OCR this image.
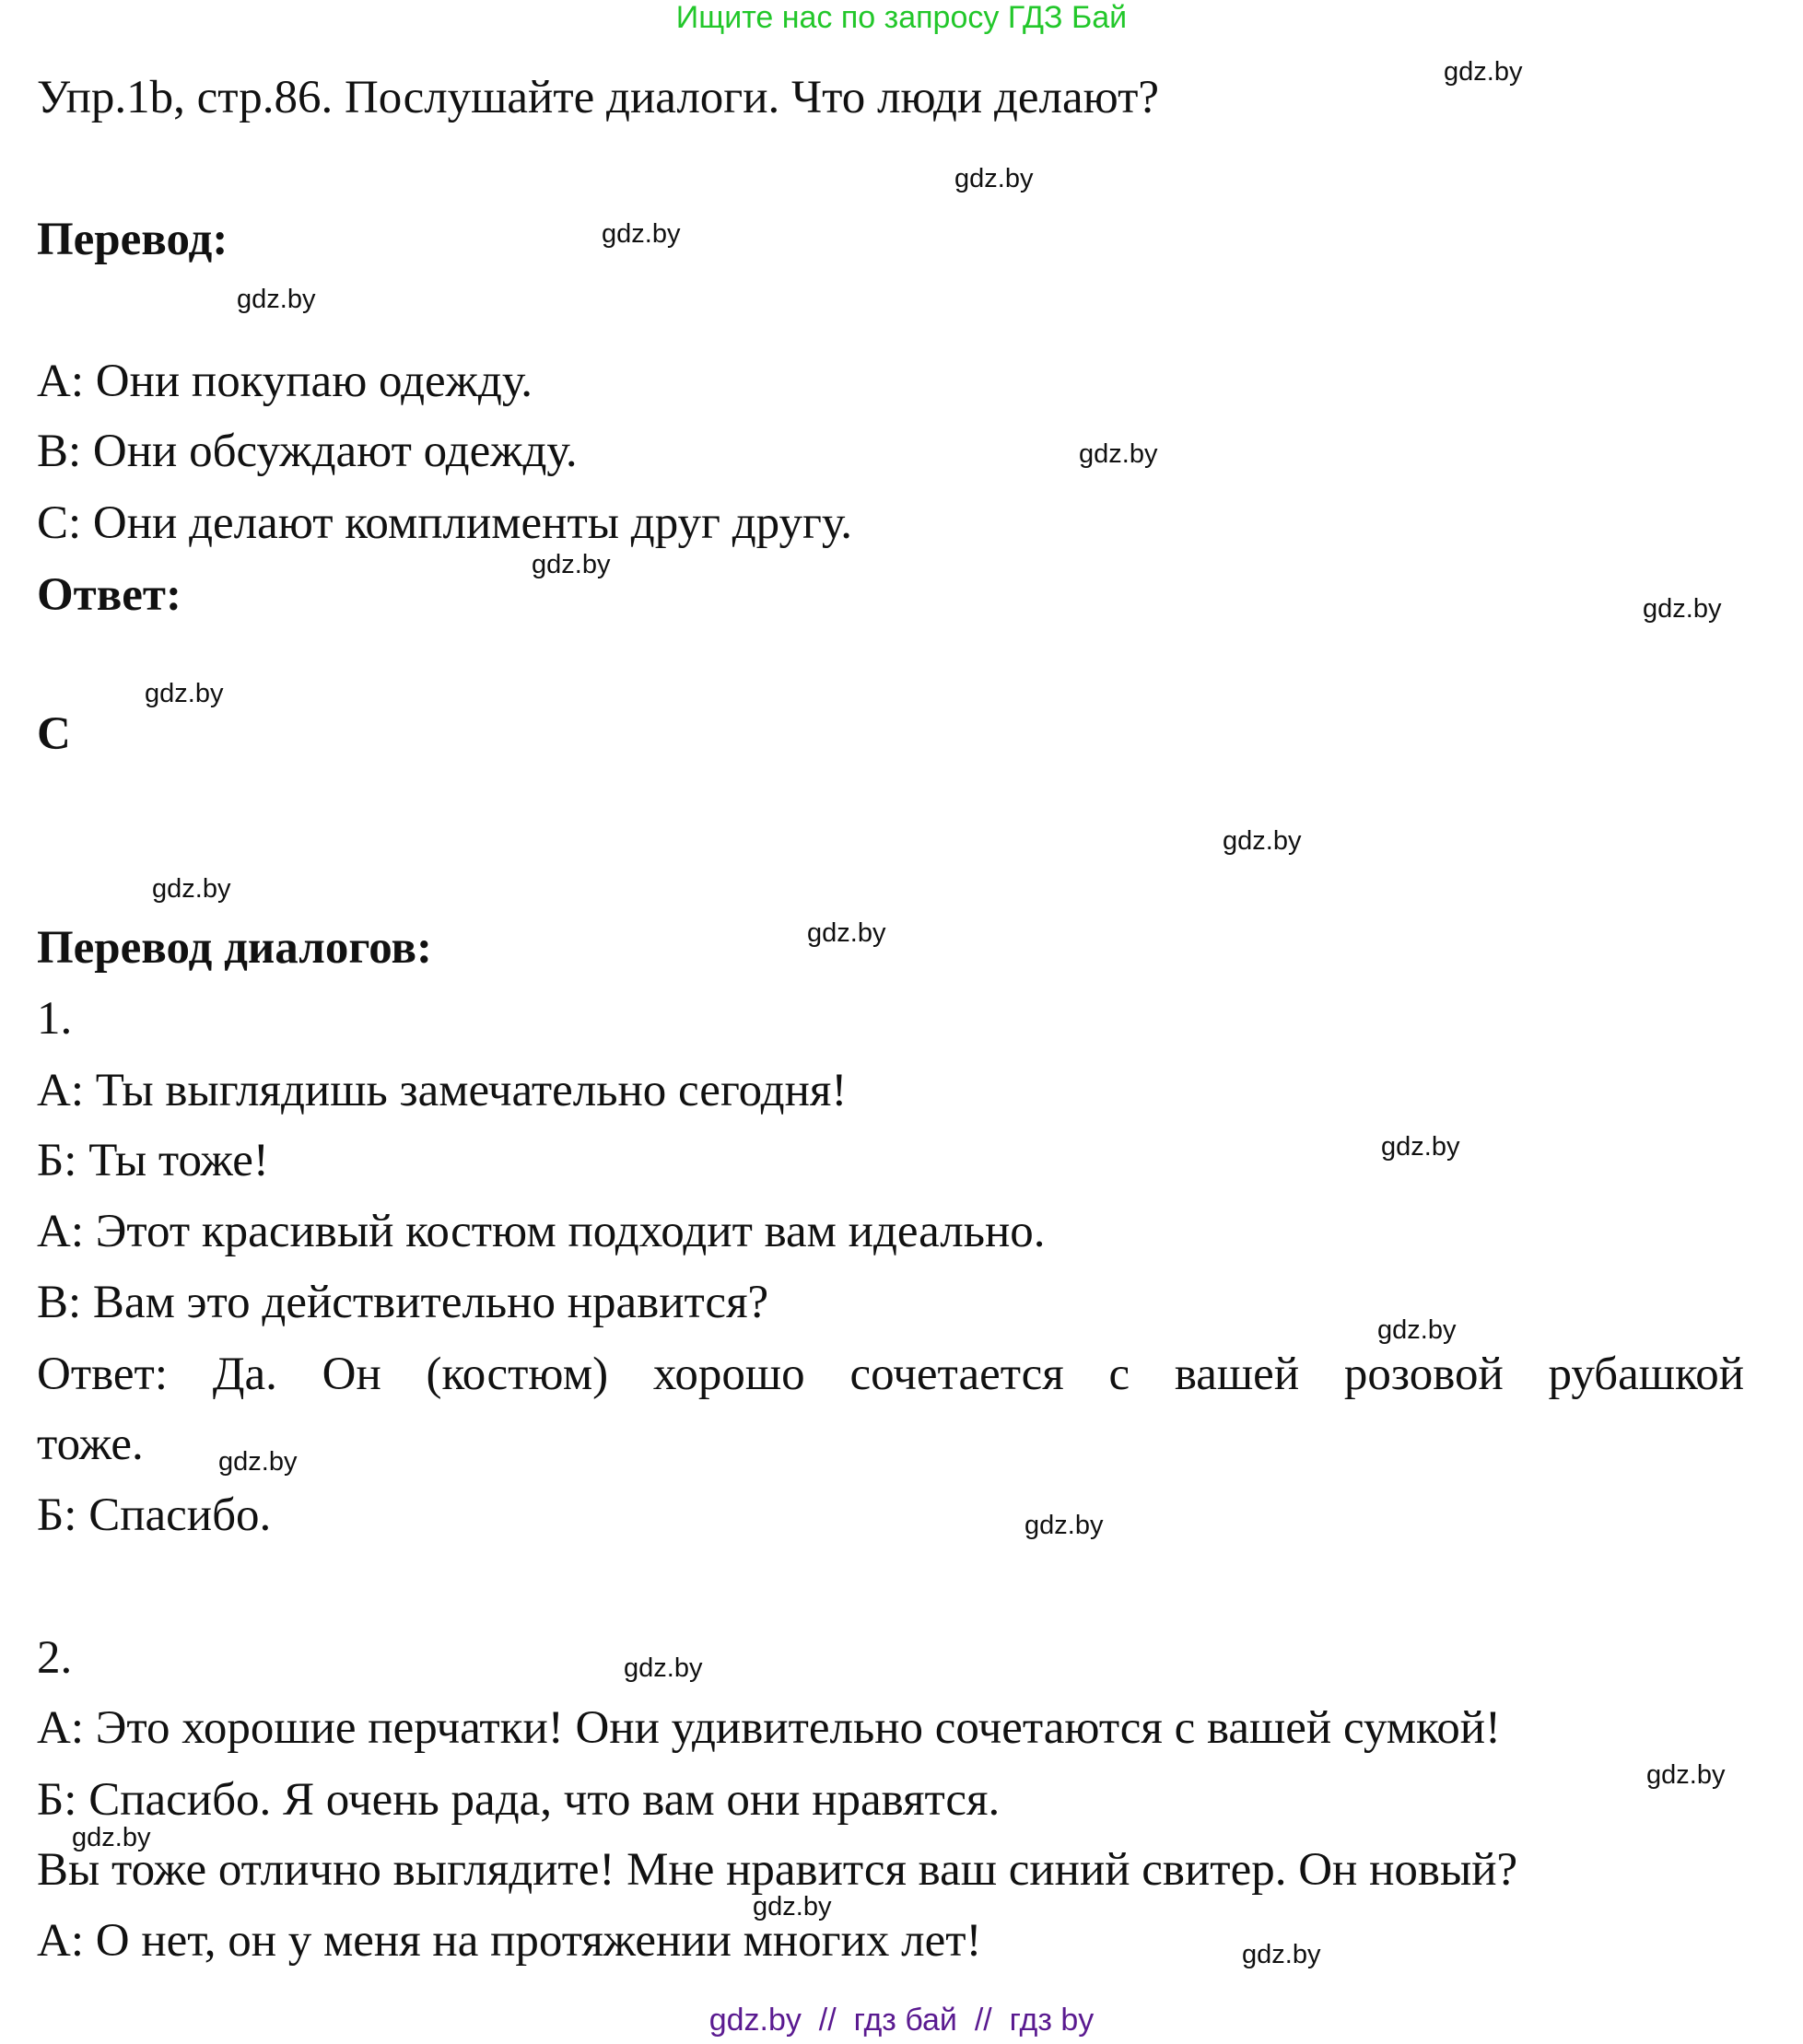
Ищите нас по запросу ГДЗ Бай
Упр.1b, стр.86. Послушайте диалоги. Что люди делают?
Перевод:
A: Они покупаю одежду.
B: Они обсуждают одежду.
C: Они делают комплименты друг другу.
Ответ:
C
Перевод диалогов:
1.
А: Ты выглядишь замечательно сегодня!
Б: Ты тоже!
А: Этот красивый костюм подходит вам идеально.
В: Вам это действительно нравится?
Ответ: Да. Он (костюм) хорошо сочетается с вашей розовой рубашкой
тоже.
Б: Спасибо.
2.
А: Это хорошие перчатки! Они удивительно сочетаются с вашей сумкой!
Б: Спасибо. Я очень рада, что вам они нравятся.
Вы тоже отлично выглядите! Мне нравится ваш синий свитер. Он новый?
А: О нет, он у меня на протяжении многих лет!
gdz.by
gdz.by
gdz.by
gdz.by
gdz.by
gdz.by
gdz.by
gdz.by
gdz.by
gdz.by
gdz.by
gdz.by
gdz.by
gdz.by
gdz.by
gdz.by
gdz.by
gdz.by
gdz.by
gdz.by
gdz.by  //  гдз бай  //  гдз by
